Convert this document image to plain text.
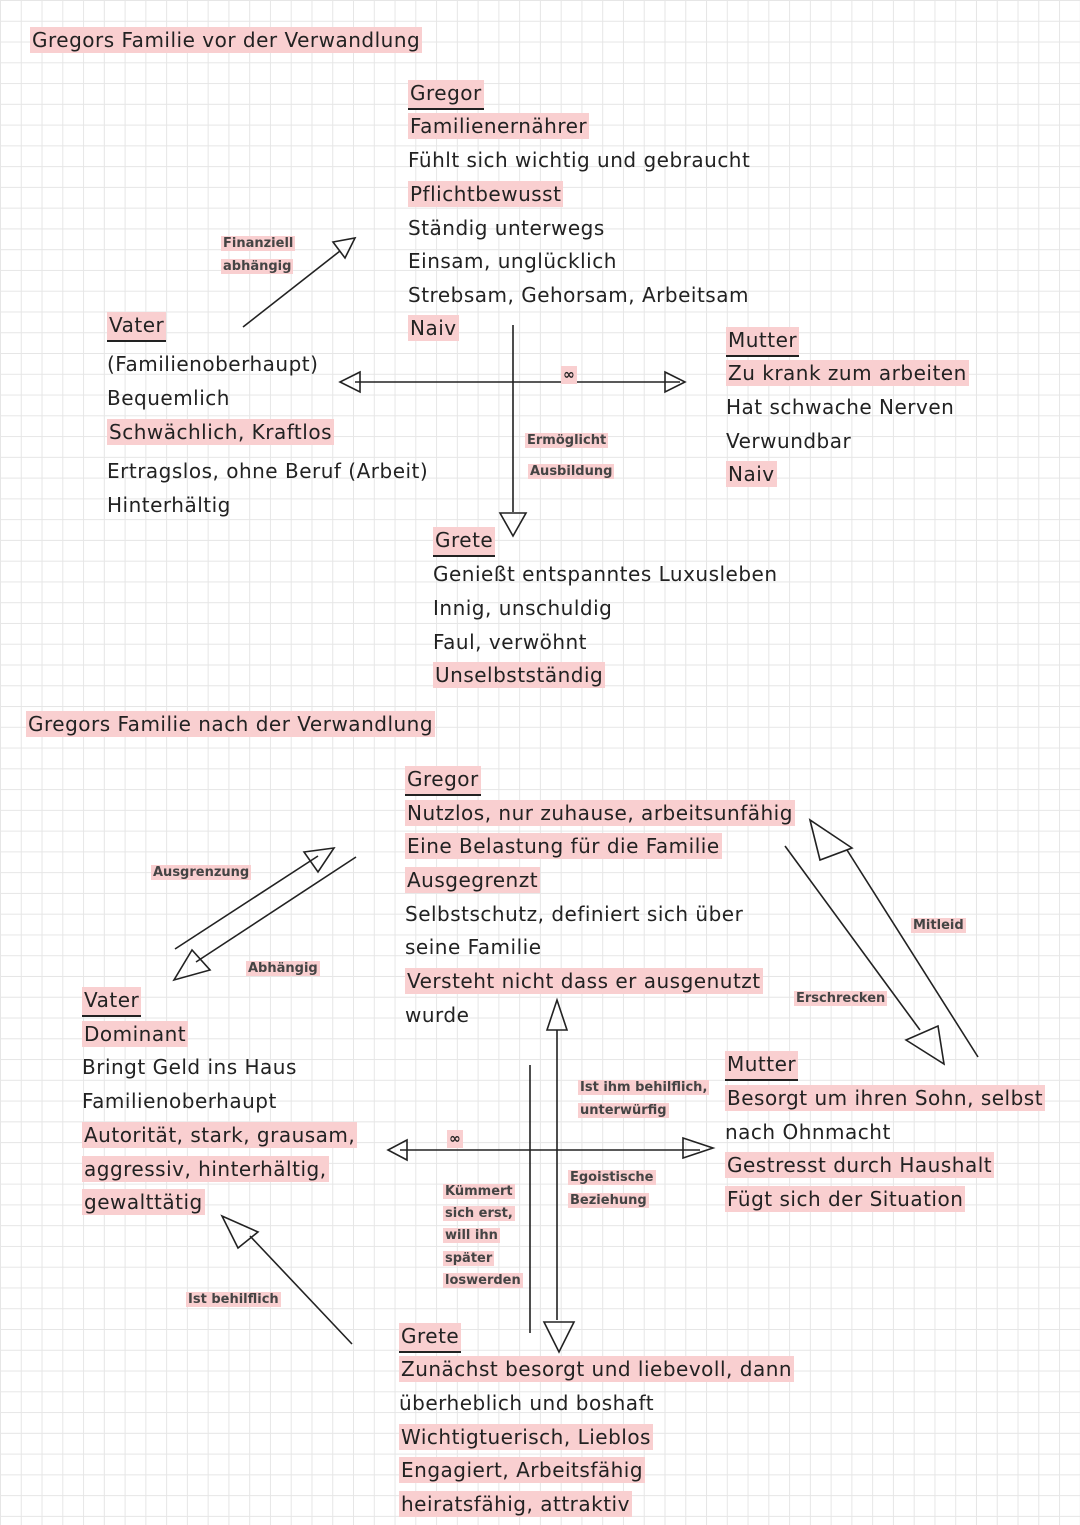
Gregors Familie vor der Verwandlung
Gregor
Familienernährer
Fühlt sich wichtig und gebraucht
Pflichtbewusst
Ständig unterwegs
Einsam, unglücklich
Strebsam, Gehorsam, Arbeitsam
Naiv
Vater
(Familienoberhaupt)
Bequemlich
Schwächlich, Kraftlos
Ertragslos, ohne Beruf (Arbeit)
Hinterhältig
Mutter
Zu krank zum arbeiten
Hat schwache Nerven
Verwundbar
Naiv
Grete
Genießt entspanntes Luxusleben
Innig, unschuldig
Faul, verwöhnt
Unselbstständig
Finanziell
abhängig
∞
Ermöglicht
Ausbildung
Gregors Familie nach der Verwandlung
Gregor
Nutzlos, nur zuhause, arbeitsunfähig
Eine Belastung für die Familie
Ausgegrenzt
Selbstschutz, definiert sich über
seine Familie
Versteht nicht dass er ausgenutzt
wurde
Vater
Dominant
Bringt Geld ins Haus
Familienoberhaupt
Autorität, stark, grausam,
aggressiv, hinterhältig,
gewalttätig
Mutter
Besorgt um ihren Sohn, selbst
nach Ohnmacht
Gestresst durch Haushalt
Fügt sich der Situation
Grete
Zunächst besorgt und liebevoll, dann
überheblich und boshaft
Wichtigtuerisch, Lieblos
Engagiert, Arbeitsfähig
heiratsfähig, attraktiv
Ausgrenzung
Abhängig
Mitleid
Erschrecken
Ist ihm behilflich,
unterwürfig
∞
Kümmert
sich erst,
will ihn
später
loswerden
Egoistische
Beziehung
Ist behilflich
